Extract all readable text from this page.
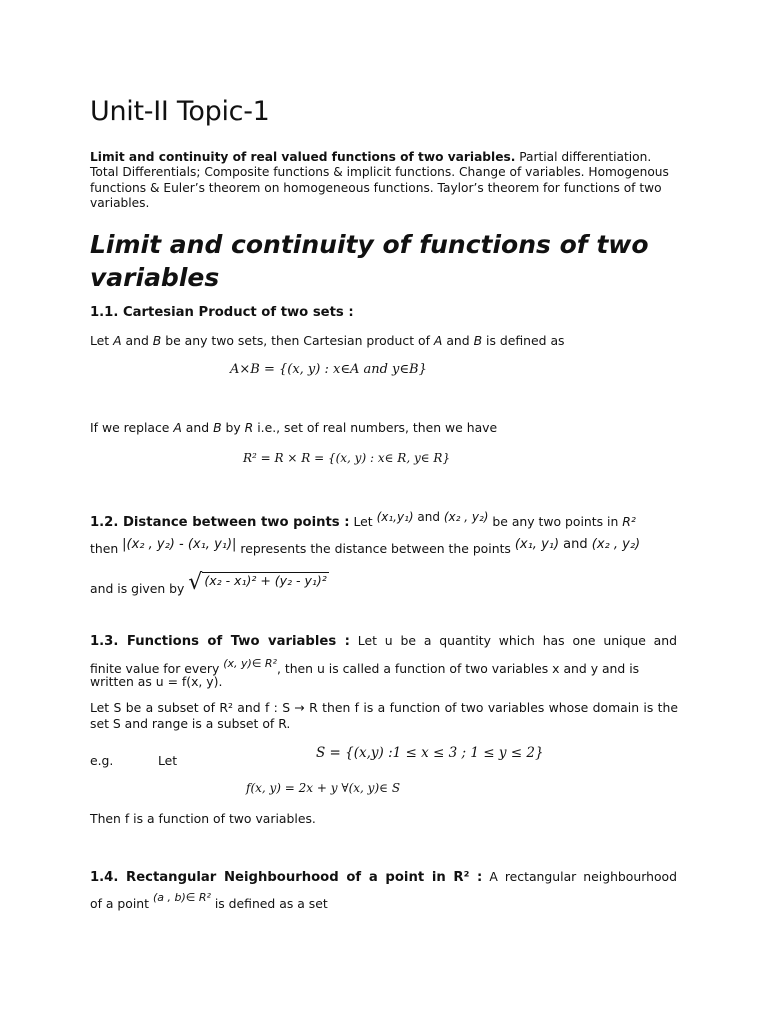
Unit-II Topic-1
Limit and continuity of real valued functions of two variables. Partial differentiation. Total Differentials; Composite functions & implicit functions. Change of variables. Homogenous functions & Euler’s theorem on homogeneous functions. Taylor’s theorem for functions of two variables.
Limit and continuity of functions of two variables
1.1. Cartesian Product of two sets :
Let A and B be any two sets, then Cartesian product of A and B is defined as
A×B = {(x, y) : x∈A and y∈B}
If we replace A and B by R i.e., set of real numbers, then we have
R² = R × R = {(x, y) : x∈ R, y∈ R}
1.2. Distance between two points : Let $^{(x_1,y_1)}$ $^{and}$ $^{(x_2 , y_2)}$ be any two points in R²
then $^{|(x_2 , y_2) - (x_1, y_1)|}$ represents the distance between the points $^{(x_1, y_1)}$ $^{and}$ $^{(x_2 , y_2)}$
$_{and is given by}$ √ (x₂ - x₁)² + (y₂ - y₁)²
1.3. Functions of Two variables : Let u be a quantity which has one unique and
$_{finite value for every}$ (x, y)∈ $R^2_{, then u is called a function of two variables x and y and is}$
written as u = f(x, y).
Let S be a subset of R² and f : S → R then f is a function of two variables whose domain is the set S and range is a subset of R.
e.g.	Let	S = {(x,y) :1 ≤ x ≤ 3 ; 1 ≤ y ≤ 2}
f(x, y) = 2x + y ∀(x, y)∈ S
Then f is a function of two variables.
1.4. Rectangular Neighbourhood of a point in R² : A rectangular neighbourhood
$_{of a point}$ (a , b)∈ R² $_{is defined as a set}$
